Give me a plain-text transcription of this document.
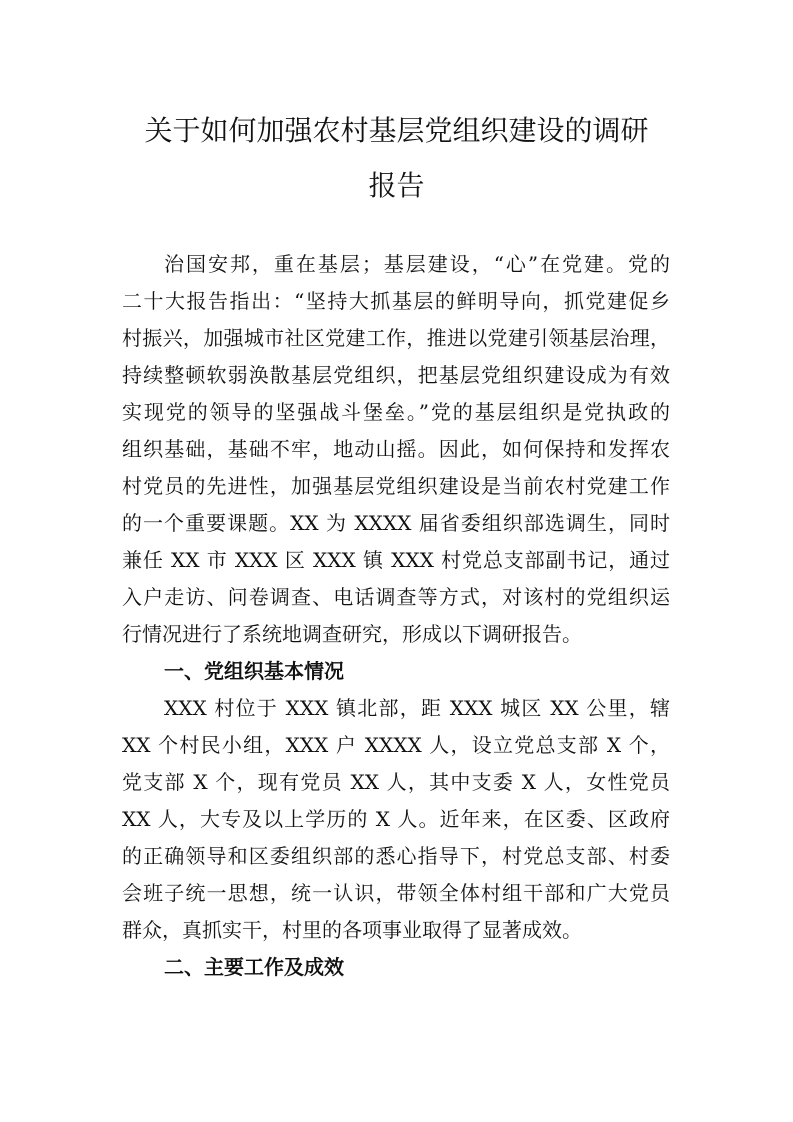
关于如何加强农村基层党组织建设的调研
报告
治国安邦，重在基层；基层建设，“心”在党建。党的
二十大报告指出：“坚持大抓基层的鲜明导向，抓党建促乡
村振兴，加强城市社区党建工作，推进以党建引领基层治理，
持续整顿软弱涣散基层党组织，把基层党组织建设成为有效
实现党的领导的坚强战斗堡垒。”党的基层组织是党执政的
组织基础，基础不牢，地动山摇。因此，如何保持和发挥农
村党员的先进性，加强基层党组织建设是当前农村党建工作
的一个重要课题。XX 为 XXXX 届省委组织部选调生，同时
兼任 XX 市 XXX 区 XXX 镇 XXX 村党总支部副书记，通过
入户走访、问卷调查、电话调查等方式，对该村的党组织运
行情况进行了系统地调查研究，形成以下调研报告。
一、党组织基本情况
XXX 村位于 XXX 镇北部，距 XXX 城区 XX 公里，辖
XX 个村民小组，XXX 户 XXXX 人，设立党总支部 X 个，
党支部 X 个，现有党员 XX 人，其中支委 X 人，女性党员
XX 人，大专及以上学历的 X 人。近年来，在区委、区政府
的正确领导和区委组织部的悉心指导下，村党总支部、村委
会班子统一思想，统一认识，带领全体村组干部和广大党员
群众，真抓实干，村里的各项事业取得了显著成效。
二、主要工作及成效
